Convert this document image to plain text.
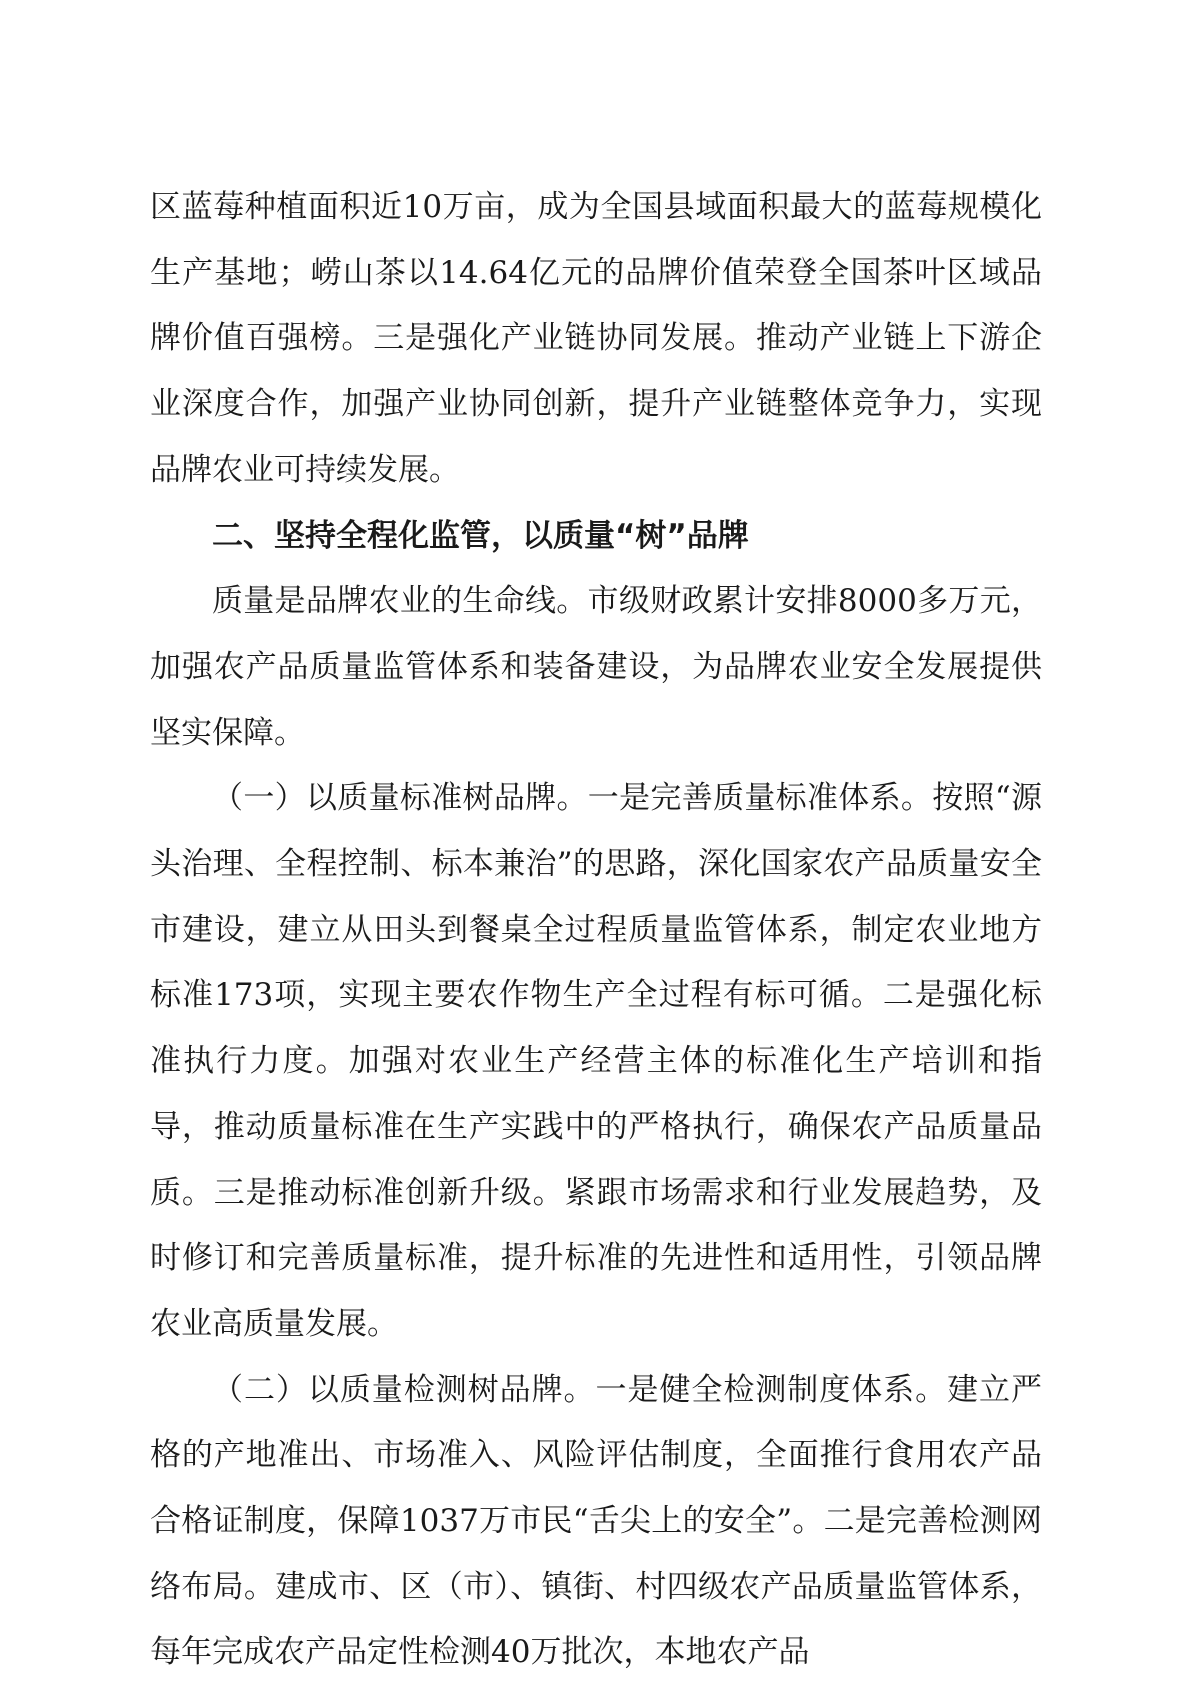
区蓝莓种植面积近10万亩，成为全国县域面积最大的蓝莓规模化生产基地；崂山茶以14.64亿元的品牌价值荣登全国茶叶区域品牌价值百强榜。三是强化产业链协同发展。推动产业链上下游企业深度合作，加强产业协同创新，提升产业链整体竞争力，实现品牌农业可持续发展。

二、坚持全程化监管，以质量“树”品牌

质量是品牌农业的生命线。市级财政累计安排8000多万元，加强农产品质量监管体系和装备建设，为品牌农业安全发展提供坚实保障。

（一）以质量标准树品牌。一是完善质量标准体系。按照“源头治理、全程控制、标本兼治”的思路，深化国家农产品质量安全市建设，建立从田头到餐桌全过程质量监管体系，制定农业地方标准173项，实现主要农作物生产全过程有标可循。二是强化标准执行力度。加强对农业生产经营主体的标准化生产培训和指导，推动质量标准在生产实践中的严格执行，确保农产品质量品质。三是推动标准创新升级。紧跟市场需求和行业发展趋势，及时修订和完善质量标准，提升标准的先进性和适用性，引领品牌农业高质量发展。

（二）以质量检测树品牌。一是健全检测制度体系。建立严格的产地准出、市场准入、风险评估制度，全面推行食用农产品合格证制度，保障1037万市民“舌尖上的安全”。二是完善检测网络布局。建成市、区（市）、镇街、村四级农产品质量监管体系，每年完成农产品定性检测40万批次，本地农产品
